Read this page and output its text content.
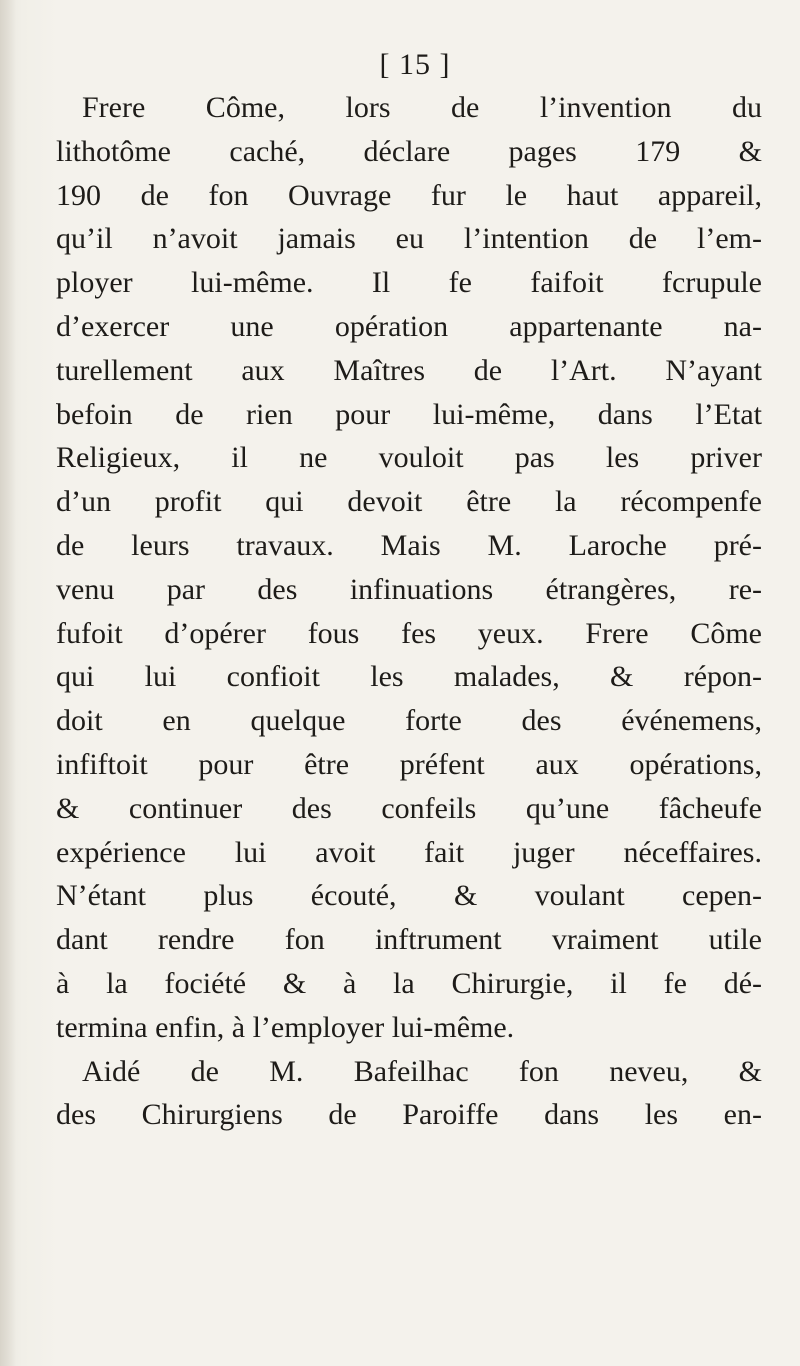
[ 15 ]
Frere Côme, lors de l’invention du
lithotôme caché, déclare pages 179 &
190 de fon Ouvrage fur le haut appareil,
qu’il n’avoit jamais eu l’intention de l’em-
ployer lui-même. Il fe faifoit fcrupule
d’exercer une opération appartenante na-
turellement aux Maîtres de l’Art. N’ayant
befoin de rien pour lui-même, dans l’Etat
Religieux, il ne vouloit pas les priver
d’un profit qui devoit être la récompenfe
de leurs travaux. Mais M. Laroche pré-
venu par des infinuations étrangères, re-
fufoit d’opérer fous fes yeux. Frere Côme
qui lui confioit les malades, & répon-
doit en quelque forte des événemens,
infiftoit pour être préfent aux opérations,
& continuer des confeils qu’une fâcheufe
expérience lui avoit fait juger néceffaires.
N’étant plus écouté, & voulant cepen-
dant rendre fon inftrument vraiment utile
à la fociété & à la Chirurgie, il fe dé-
termina enfin, à l’employer lui-même.
Aidé de M. Bafeilhac fon neveu, &
des Chirurgiens de Paroiffe dans les en-
